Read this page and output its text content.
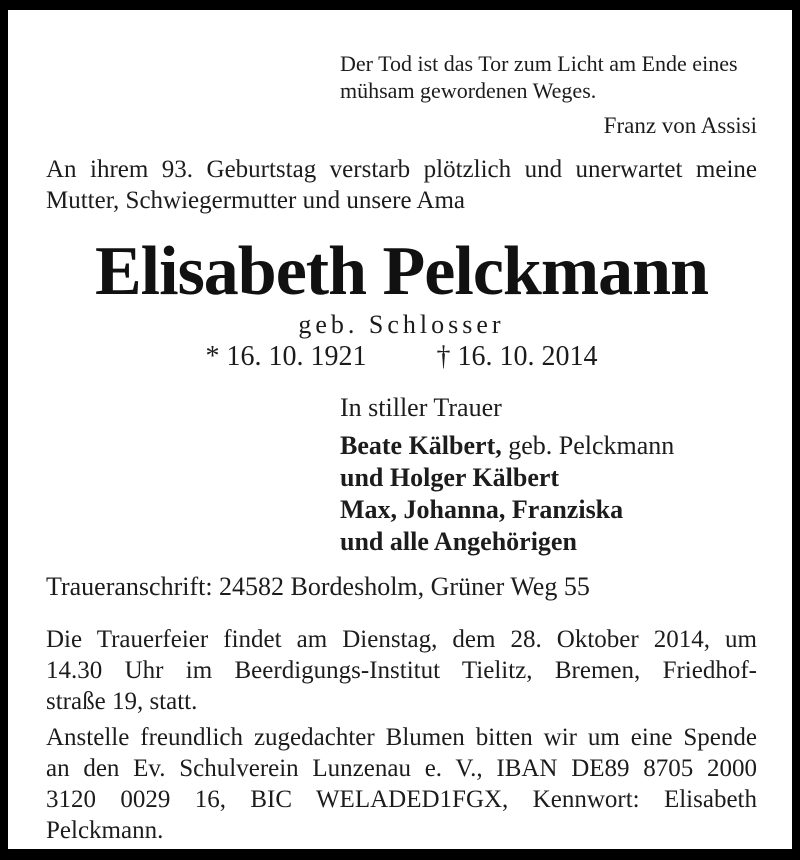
Der Tod ist das Tor zum Licht am Ende eines
mühsam gewordenen Weges.
Franz von Assisi
An ihrem 93. Geburtstag verstarb plötzlich und unerwartet meine
Mutter, Schwiegermutter und unsere Ama
Elisabeth Pelckmann
geb. Schlosser
* 16. 10. 1921	† 16. 10. 2014
In stiller Trauer
Beate Kälbert, geb. Pelckmann
und Holger Kälbert
Max, Johanna, Franziska
und alle Angehörigen
Traueranschrift: 24582 Bordesholm, Grüner Weg 55
Die Trauerfeier findet am Dienstag, dem 28. Oktober 2014, um
14.30 Uhr im Beerdigungs-Institut Tielitz, Bremen, Friedhof-
straße 19, statt.
Anstelle freundlich zugedachter Blumen bitten wir um eine Spende
an den Ev. Schulverein Lunzenau e. V., IBAN DE89 8705 2000
3120 0029 16, BIC WELADED1FGX, Kennwort: Elisabeth
Pelckmann.
